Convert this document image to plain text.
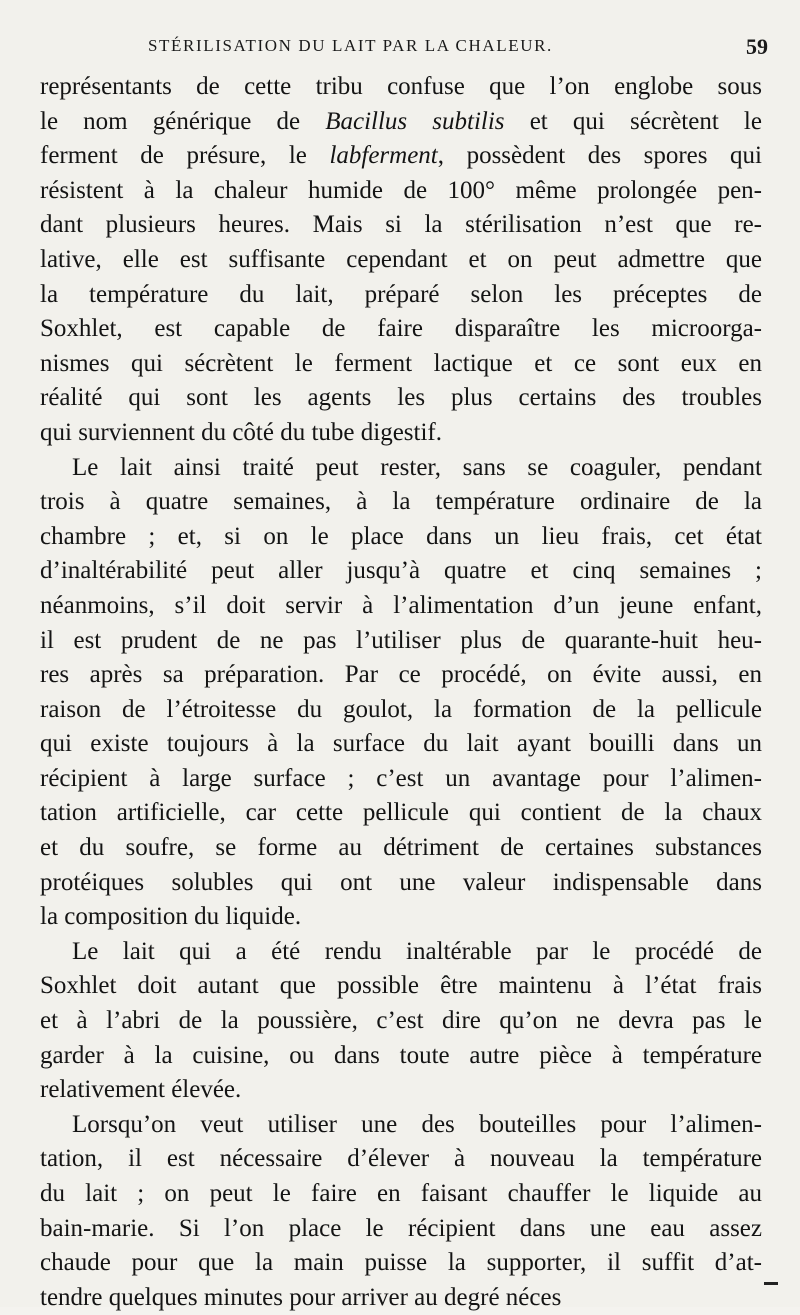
STÉRILISATION DU LAIT PAR LA CHALEUR.	59
représentants de cette tribu confuse que l’on englobe sous
le nom générique de Bacillus subtilis et qui sécrètent le
ferment de présure, le labferment, possèdent des spores qui
résistent à la chaleur humide de 100° même prolongée pen-
dant plusieurs heures. Mais si la stérilisation n’est que re-
lative, elle est suffisante cependant et on peut admettre que
la température du lait, préparé selon les préceptes de
Soxhlet, est capable de faire disparaître les microorga-
nismes qui sécrètent le ferment lactique et ce sont eux en
réalité qui sont les agents les plus certains des troubles
qui surviennent du côté du tube digestif.
Le lait ainsi traité peut rester, sans se coaguler, pendant
trois à quatre semaines, à la température ordinaire de la
chambre ; et, si on le place dans un lieu frais, cet état
d’inaltérabilité peut aller jusqu’à quatre et cinq semaines ;
néanmoins, s’il doit servir à l’alimentation d’un jeune enfant,
il est prudent de ne pas l’utiliser plus de quarante-huit heu-
res après sa préparation. Par ce procédé, on évite aussi, en
raison de l’étroitesse du goulot, la formation de la pellicule
qui existe toujours à la surface du lait ayant bouilli dans un
récipient à large surface ; c’est un avantage pour l’alimen-
tation artificielle, car cette pellicule qui contient de la chaux
et du soufre, se forme au détriment de certaines substances
protéiques solubles qui ont une valeur indispensable dans
la composition du liquide.
Le lait qui a été rendu inaltérable par le procédé de
Soxhlet doit autant que possible être maintenu à l’état frais
et à l’abri de la poussière, c’est dire qu’on ne devra pas le
garder à la cuisine, ou dans toute autre pièce à température
relativement élevée.
Lorsqu’on veut utiliser une des bouteilles pour l’alimen-
tation, il est nécessaire d’élever à nouveau la température
du lait ; on peut le faire en faisant chauffer le liquide au
bain-marie. Si l’on place le récipient dans une eau assez
chaude pour que la main puisse la supporter, il suffit d’at-
tendre quelques minutes pour arriver au degré néces
